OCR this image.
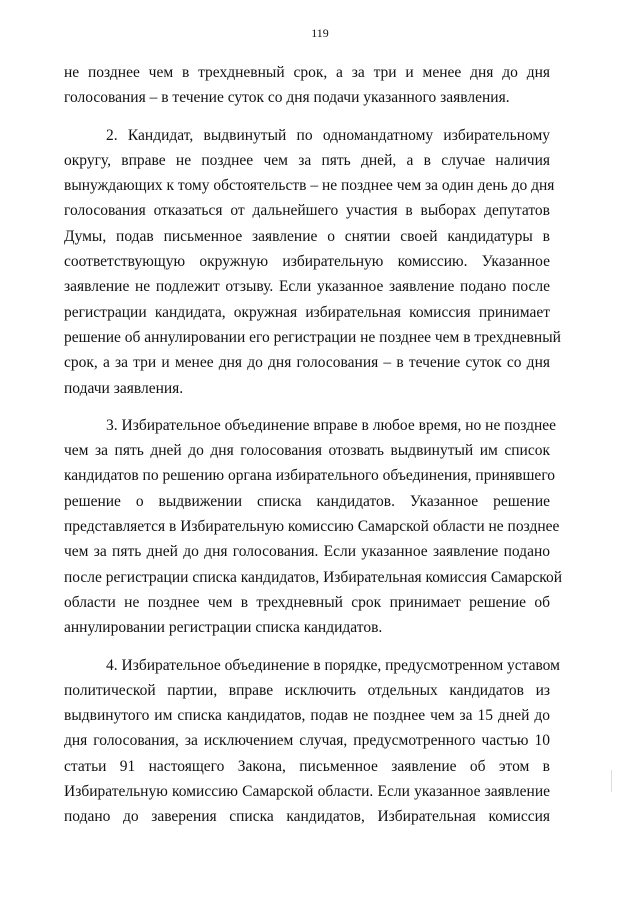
119
не позднее чем в трехдневный срок, а за три и менее дня до дня
голосования – в течение суток со дня подачи указанного заявления.
2. Кандидат, выдвинутый по одномандатному избирательному
округу, вправе не позднее чем за пять дней, а в случае наличия
вынуждающих к тому обстоятельств – не позднее чем за один день до дня
голосования отказаться от дальнейшего участия в выборах депутатов
Думы, подав письменное заявление о снятии своей кандидатуры в
соответствующую окружную избирательную комиссию. Указанное
заявление не подлежит отзыву. Если указанное заявление подано после
регистрации кандидата, окружная избирательная комиссия принимает
решение об аннулировании его регистрации не позднее чем в трехдневный
срок, а за три и менее дня до дня голосования – в течение суток со дня
подачи заявления.
3. Избирательное объединение вправе в любое время, но не позднее
чем за пять дней до дня голосования отозвать выдвинутый им список
кандидатов по решению органа избирательного объединения, принявшего
решение о выдвижении списка кандидатов. Указанное решение
представляется в Избирательную комиссию Самарской области не позднее
чем за пять дней до дня голосования. Если указанное заявление подано
после регистрации списка кандидатов, Избирательная комиссия Самарской
области не позднее чем в трехдневный срок принимает решение об
аннулировании регистрации списка кандидатов.
4. Избирательное объединение в порядке, предусмотренном уставом
политической партии, вправе исключить отдельных кандидатов из
выдвинутого им списка кандидатов, подав не позднее чем за 15 дней до
дня голосования, за исключением случая, предусмотренного частью 10
статьи 91 настоящего Закона, письменное заявление об этом в
Избирательную комиссию Самарской области. Если указанное заявление
подано до заверения списка кандидатов, Избирательная комиссия
